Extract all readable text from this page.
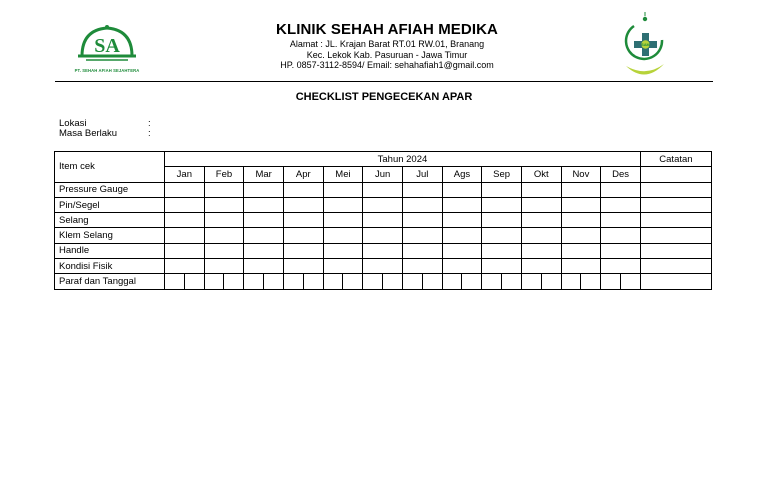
SA
PT. SEHAH AFIAH SEJAHTERA
SAM
KLINIK SEHAH AFIAH MEDIKA
Alamat : JL. Krajan Barat RT.01 RW.01, Branang
Kec. Lekok Kab. Pasuruan - Jawa Timur
HP. 0857-3112-8594/ Email: sehahafiah1@gmail.com
CHECKLIST PENGECEKAN APAR
Lokasi	:
Masa Berlaku	:
Item cek	Tahun 2024																								Catatan
	Jan		Feb		Mar		Apr		Mei		Jun		Jul		Ags		Sep		Okt		Nov		Des		
Pressure Gauge																									
Pin/Segel																									
Selang																									
Klem Selang																									
Handle																									
Kondisi Fisik																									
Paraf dan Tanggal																									
